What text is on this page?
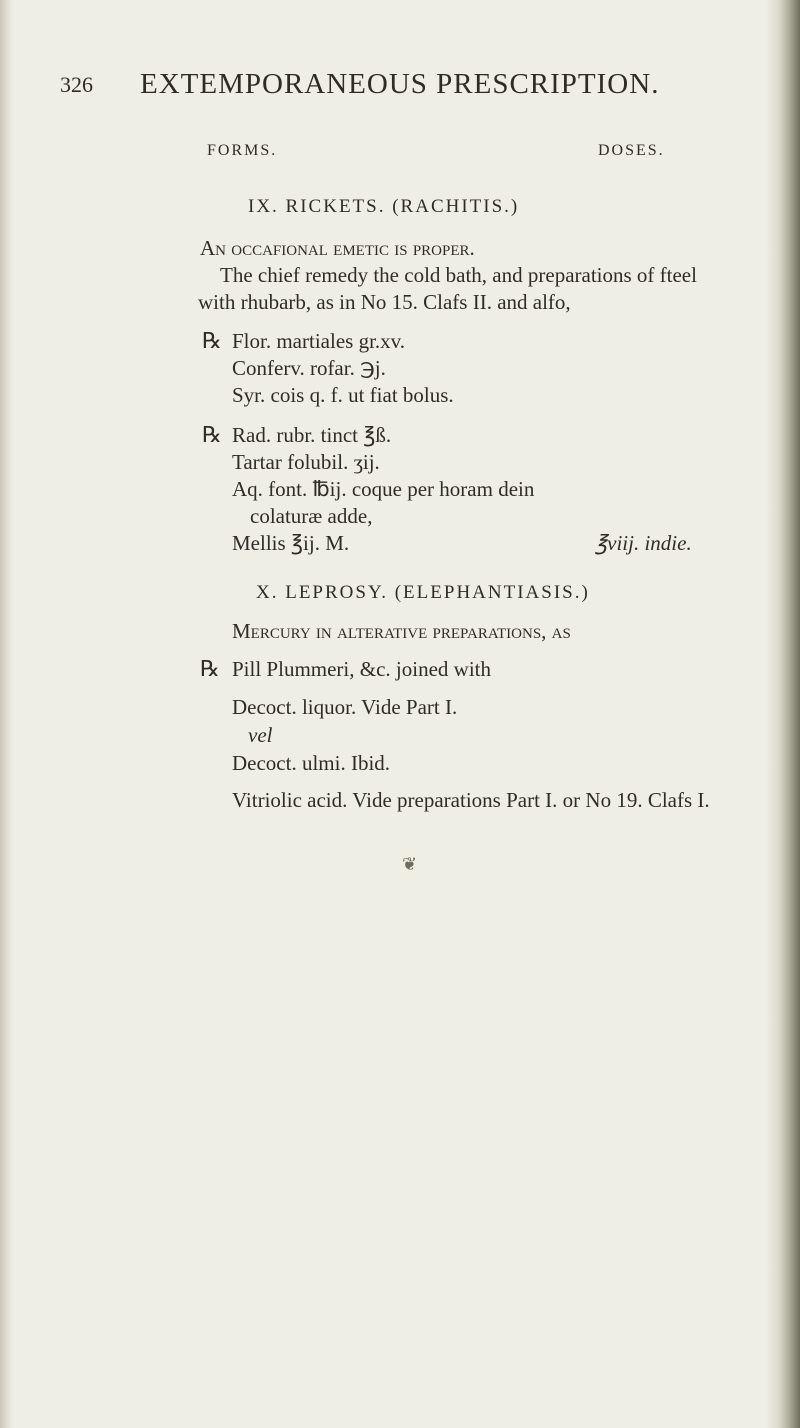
326 EXTEMPORANEOUS PRESCRIPTION.
FORMS.	DOSES.
IX. RICKETS. (RACHITIS.)
An occafional emetic is proper.
The chief remedy the cold bath, and preparations of fteel
with rhubarb, as in No 15. Clafs II. and alfo,
℞ Flor. martiales gr.xv.
Conferv. rofar. ℈j.
Syr. cois q. f. ut fiat bolus.
℞ Rad. rubr. tinct ℥ß.
Tartar folubil. ʒij.
Aq. font. ℔ij. coque per horam dein
colaturæ adde,
Mellis ℥ij. M.	℥viij. indie.
X. LEPROSY. (ELEPHANTIASIS.)
Mercury in alterative preparations, as
℞ Pill Plummeri, &c. joined with
Decoct. liquor. Vide Part I.
vel
Decoct. ulmi. Ibid.
Vitriolic acid. Vide preparations Part I. or No 19. Clafs I.
❦
